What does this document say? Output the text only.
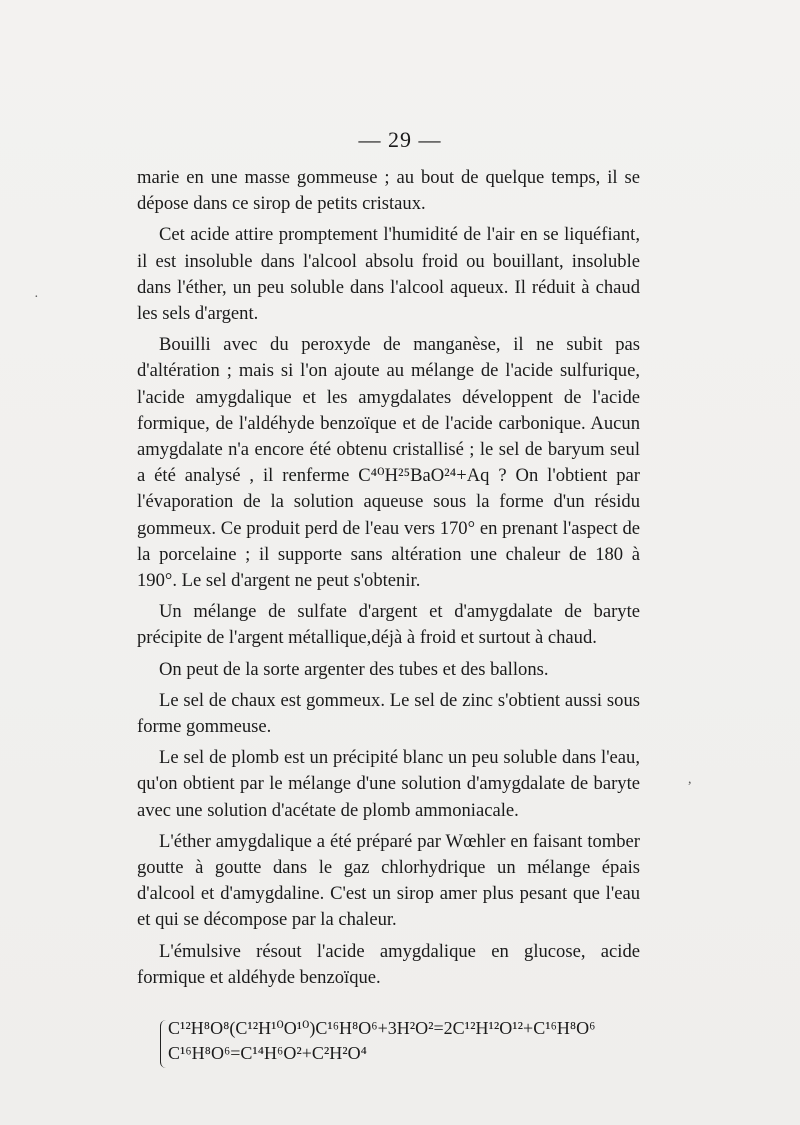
— 29 —
·
,

marie en une masse gommeuse ; au bout de quelque temps, il se dépose dans ce sirop de petits cristaux.

Cet acide attire promptement l'humidité de l'air en se liquéfiant, il est insoluble dans l'alcool absolu froid ou bouillant, insoluble dans l'éther, un peu soluble dans l'alcool aqueux. Il réduit à chaud les sels d'argent.

Bouilli avec du peroxyde de manganèse, il ne subit pas d'altération ; mais si l'on ajoute au mélange de l'acide sulfurique, l'acide amygdalique et les amygdalates développent de l'acide formique, de l'aldéhyde benzoïque et de l'acide carbonique. Aucun amygdalate n'a encore été obtenu cristallisé ; le sel de baryum seul a été analysé , il renferme C⁴⁰H²⁵BaO²⁴+Aq ? On l'obtient par l'évaporation de la solution aqueuse sous la forme d'un résidu gommeux. Ce produit perd de l'eau vers 170° en prenant l'aspect de la porcelaine ; il supporte sans altération une chaleur de 180 à 190°. Le sel d'argent ne peut s'obtenir.

Un mélange de sulfate d'argent et d'amygdalate de baryte précipite de l'argent métallique,déjà à froid et surtout à chaud.

On peut de la sorte argenter des tubes et des ballons.

Le sel de chaux est gommeux. Le sel de zinc s'obtient aussi sous forme gommeuse.

Le sel de plomb est un précipité blanc un peu soluble dans l'eau, qu'on obtient par le mélange d'une solution d'amygdalate de baryte avec une solution d'acétate de plomb ammoniacale.

L'éther amygdalique a été préparé par Wœhler en faisant tomber goutte à goutte dans le gaz chlorhydrique un mélange épais d'alcool et d'amygdaline. C'est un sirop amer plus pesant que l'eau et qui se décompose par la chaleur.

L'émulsive résout l'acide amygdalique en glucose, acide formique et aldéhyde benzoïque.

C¹²H⁸O⁸(C¹²H¹⁰O¹⁰)C¹⁶H⁸O⁶+3H²O²=2C¹²H¹²O¹²+C¹⁶H⁸O⁶
C¹⁶H⁸O⁶=C¹⁴H⁶O²+C²H²O⁴
